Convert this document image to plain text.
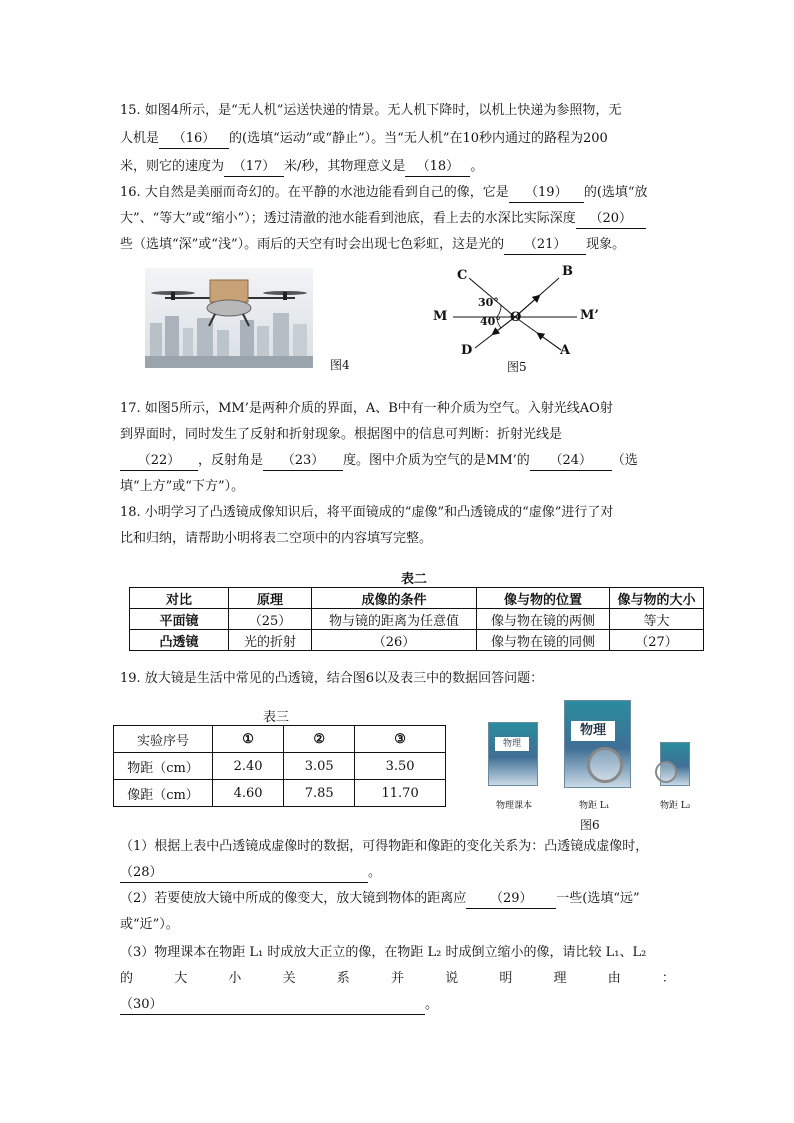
15. 如图4所示，是“无人机”运送快递的情景。无人机下降时，以机上快递为参照物，无
人机是 （16） 的(选填“运动”或“静止”）。当“无人机”在10秒内通过的路程为200
米，则它的速度为 （17） 米/秒，其物理意义是 （18） 。
16. 大自然是美丽而奇幻的。在平静的水池边能看到自己的像，它是 （19） 的(选填“放
大”、“等大”或“缩小”）；透过清澈的池水能看到池底，看上去的水深比实际深度 （20）
些（选填“深”或“浅”）。雨后的天空有时会出现七色彩虹，这是光的 （21） 现象。
图4
C	B
30°
M	O	M’
40°
D	A
图5
17. 如图5所示，MM’是两种介质的界面，A、B中有一种介质为空气。入射光线AO射
到界面时，同时发生了反射和折射现象。根据图中的信息可判断：折射光线是
（22） ，反射角是 （23） 度。图中介质为空气的是MM’的 （24） （选
填“上方”或“下方”）。
18. 小明学习了凸透镜成像知识后，将平面镜成的“虚像”和凸透镜成的“虚像”进行了对
比和归纳，请帮助小明将表二空项中的内容填写完整。
表二
对比	原理	成像的条件	像与物的位置	像与物的大小
平面镜	（25）	物与镜的距离为任意值	像与物在镜的两侧	等大
凸透镜	光的折射	（26）	像与物在镜的同侧	（27）
19. 放大镜是生活中常见的凸透镜，结合图6以及表三中的数据回答问题：
表三
实验序号	①	②	③
物距（cm）	2.40	3.05	3.50
像距（cm）	4.60	7.85	11.70
物理
物理
物理课本	物距 L₁	物距 L₂
图6
（1）根据上表中凸透镜成虚像时的数据，可得物距和像距的变化关系为：凸透镜成虚像时，
（28）	。
（2）若要使放大镜中所成的像变大，放大镜到物体的距离应 （29） 一些(选填“远”
或“近”）。
（3）物理课本在物距 L₁ 时成放大正立的像，在物距 L₂ 时成倒立缩小的像，请比较 L₁、L₂
的	大	小	关	系	并	说	明	理	由	：
（30）	。
